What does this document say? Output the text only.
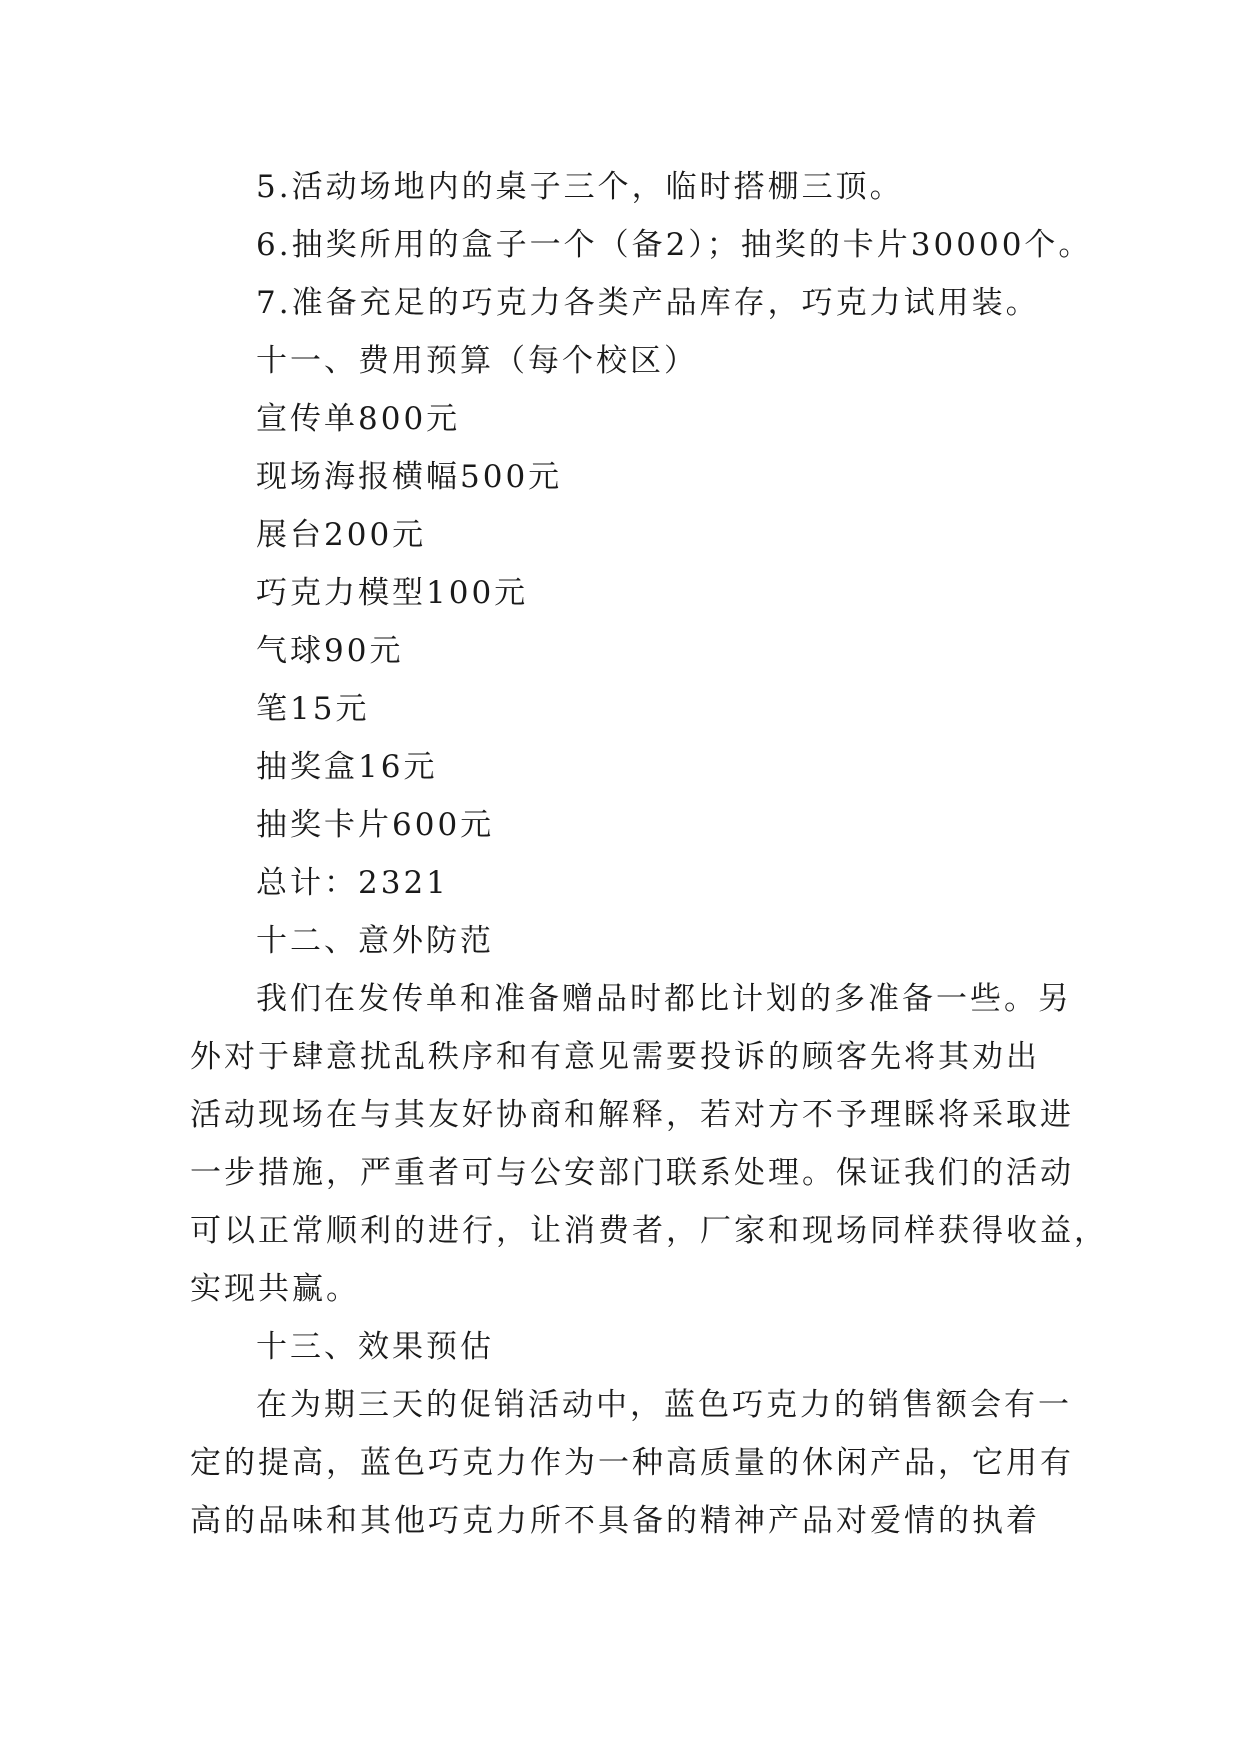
5.活动场地内的桌子三个，临时搭棚三顶。
6.抽奖所用的盒子一个（备2）；抽奖的卡片30000个。
7.准备充足的巧克力各类产品库存，巧克力试用装。
十一、费用预算（每个校区）
宣传单800元
现场海报横幅500元
展台200元
巧克力模型100元
气球90元
笔15元
抽奖盒16元
抽奖卡片600元
总计：2321
十二、意外防范
我们在发传单和准备赠品时都比计划的多准备一些。另
外对于肆意扰乱秩序和有意见需要投诉的顾客先将其劝出
活动现场在与其友好协商和解释，若对方不予理睬将采取进
一步措施，严重者可与公安部门联系处理。保证我们的活动
可以正常顺利的进行，让消费者，厂家和现场同样获得收益，
实现共赢。
十三、效果预估
在为期三天的促销活动中，蓝色巧克力的销售额会有一
定的提高，蓝色巧克力作为一种高质量的休闲产品，它用有
高的品味和其他巧克力所不具备的精神产品对爱情的执着
